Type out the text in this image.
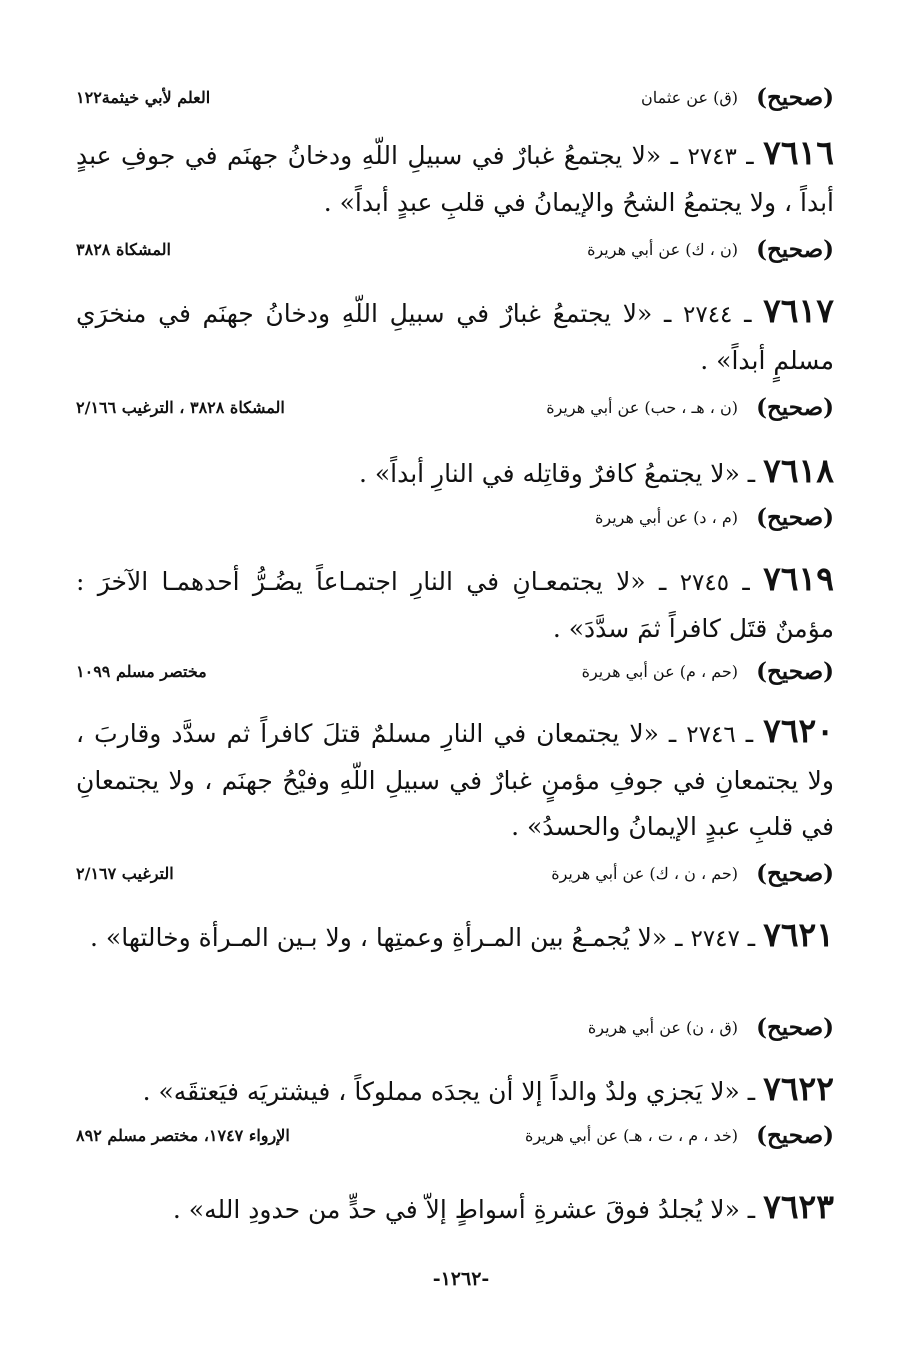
(صحيح)
(ق) عن عثمان
العلم لأبي خيثمة١٢٢
٧٦١٦ ـ ٢٧٤٣ ـ «لا يجتمعُ غبارٌ في سبيلِ اللّهِ ودخانُ جهنَم في جوفِ عبدٍ أبداً ، ولا يجتمعُ الشحُ والإيمانُ في قلبِ عبدٍ أبداً» .
(صحيح)
(ن ، ك) عن أبي هريرة
المشكاة ٣٨٢٨
٧٦١٧ ـ ٢٧٤٤ ـ «لا يجتمعُ غبارٌ في سبيلِ اللّهِ ودخانُ جهنَم في منخرَي مسلمٍ أبداً» .
(صحيح)
(ن ، هـ ، حب) عن أبي هريرة
المشكاة ٣٨٢٨ ، الترغيب ٢/١٦٦
٧٦١٨ ـ «لا يجتمعُ كافرٌ وقاتِله في النارِ أبداً» .
(صحيح)
(م ، د) عن أبي هريرة
٧٦١٩ ـ ٢٧٤٥ ـ «لا يجتمعـانِ في النارِ اجتمـاعاً يضُـرُّ أحدهمـا الآخرَ : مؤمنٌ قتَل كافراً ثمَ سدَّدَ» .
(صحيح)
(حم ، م) عن أبي هريرة
مختصر مسلم ١٠٩٩
٧٦٢٠ ـ ٢٧٤٦ ـ «لا يجتمعان في النارِ مسلمٌ قتلَ كافراً ثم سدَّد وقاربَ ، ولا يجتمعانِ في جوفِ مؤمنٍ غبارٌ في سبيلِ اللّهِ وفيْحُ جهنَم ، ولا يجتمعانِ في قلبِ عبدٍ الإيمانُ والحسدُ» .
(صحيح)
(حم ، ن ، ك) عن أبي هريرة
الترغيب ٢/١٦٧
٧٦٢١ ـ ٢٧٤٧ ـ «لا يُجمـعُ بين المـرأةِ وعمتِها ، ولا بـين المـرأة وخالتها» .
(صحيح)
(ق ، ن) عن أبي هريرة
٧٦٢٢ ـ «لا يَجزي ولدٌ والداً إلا أن يجدَه مملوكاً ، فيشتريَه فيَعتقَه» .
(صحيح)
(خد ، م ، ت ، هـ) عن أبي هريرة
الإرواء ١٧٤٧، مختصر مسلم ٨٩٢
٧٦٢٣ ـ «لا يُجلدُ فوقَ عشرةِ أسواطٍ إلاّ في حدٍّ من حدودِ الله» .
-١٢٦٢-
